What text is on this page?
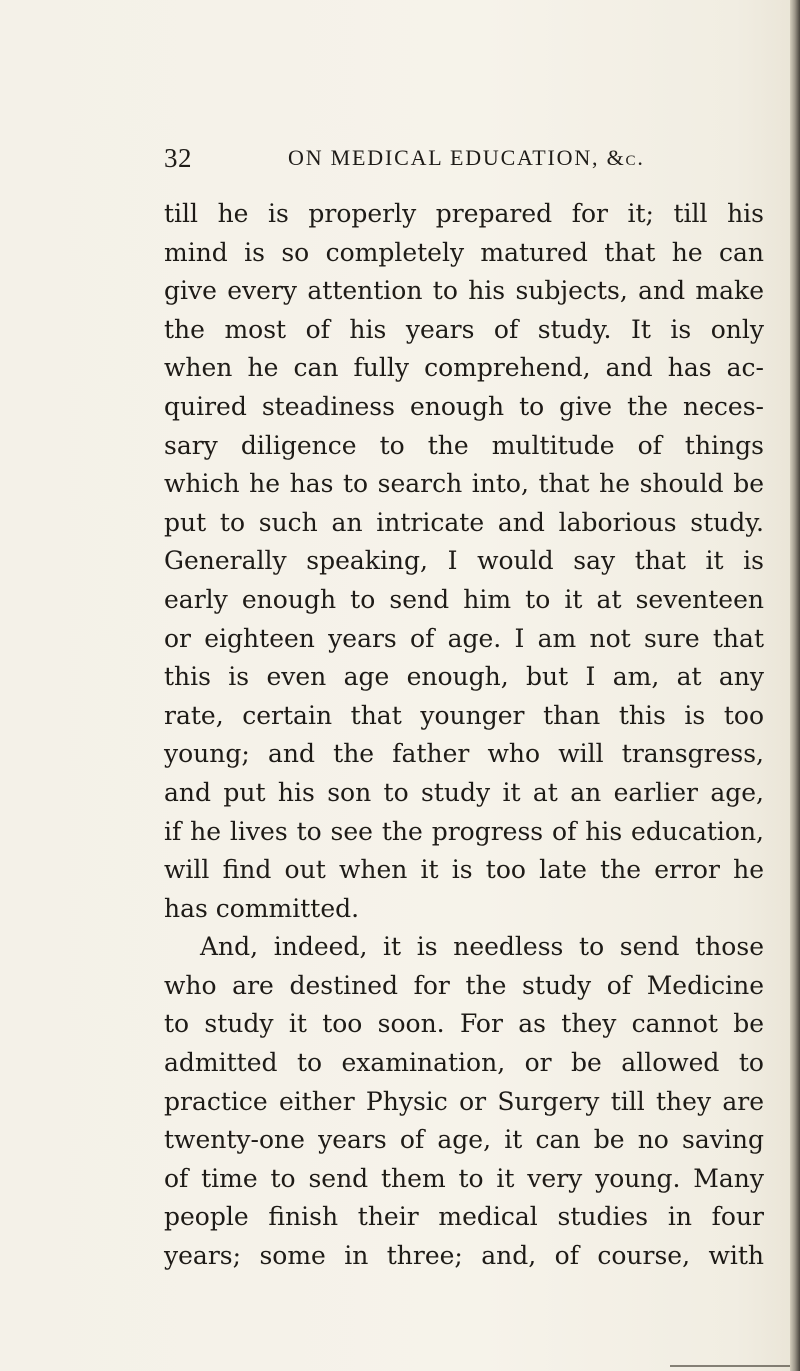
32	ON MEDICAL EDUCATION, &c.
till he is properly prepared for it; till his
mind is so completely matured that he can
give every attention to his subjects, and make
the most of his years of study. It is only
when he can fully comprehend, and has ac-
quired steadiness enough to give the neces-
sary diligence to the multitude of things
which he has to search into, that he should be
put to such an intricate and laborious study.
Generally speaking, I would say that it is
early enough to send him to it at seventeen
or eighteen years of age. I am not sure that
this is even age enough, but I am, at any
rate, certain that younger than this is too
young; and the father who will transgress,
and put his son to study it at an earlier age,
if he lives to see the progress of his education,
will find out when it is too late the error he
has committed.
And, indeed, it is needless to send those
who are destined for the study of Medicine
to study it too soon. For as they cannot be
admitted to examination, or be allowed to
practice either Physic or Surgery till they are
twenty-one years of age, it can be no saving
of time to send them to it very young. Many
people finish their medical studies in four
years; some in three; and, of course, with
